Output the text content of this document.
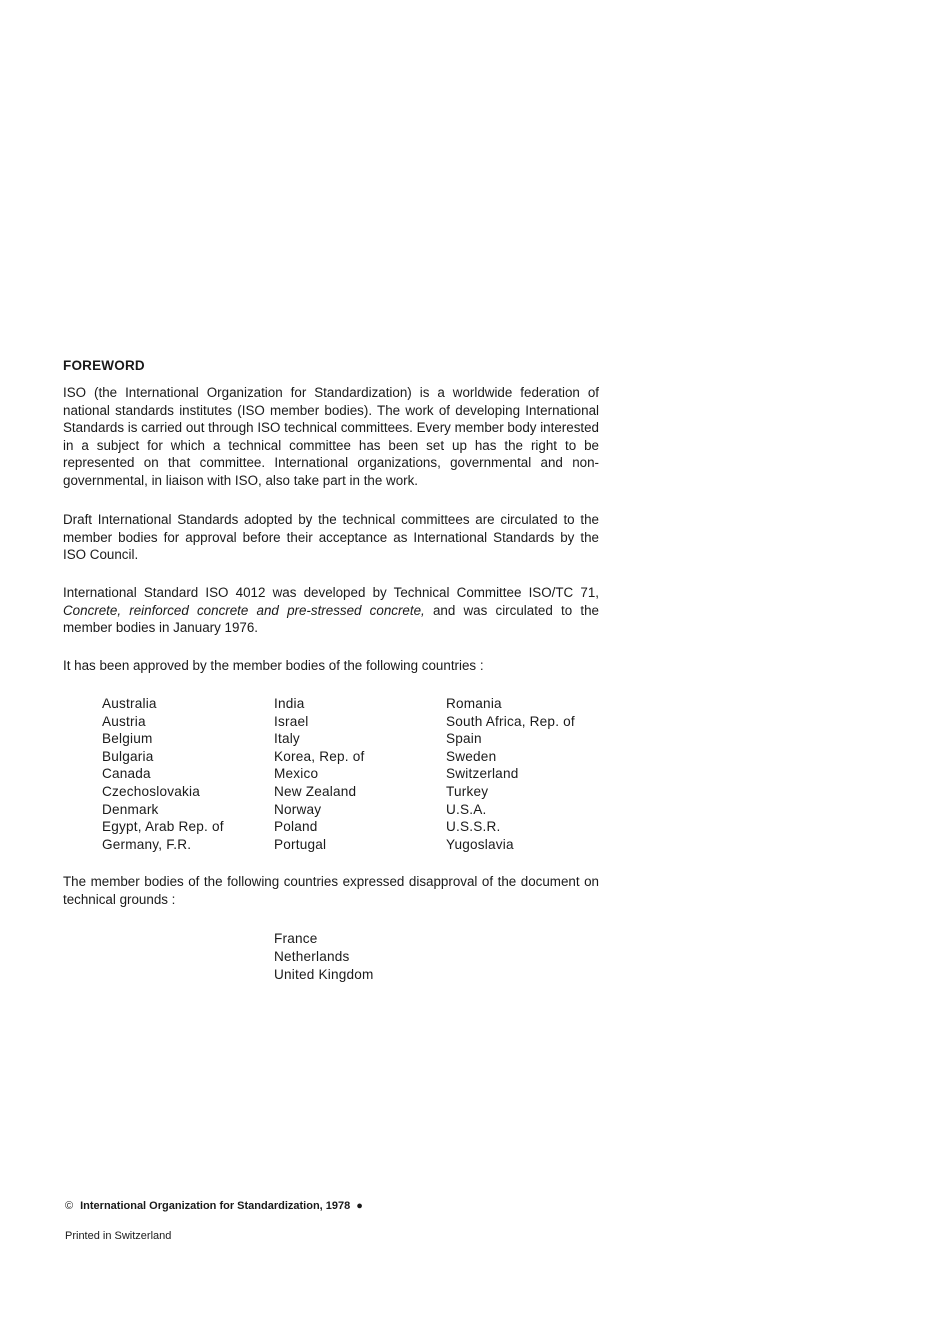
FOREWORD

ISO (the International Organization for Standardization) is a worldwide federation of national standards institutes (ISO member bodies). The work of developing International Standards is carried out through ISO technical committees. Every member body interested in a subject for which a technical committee has been set up has the right to be represented on that committee. International organizations, governmental and non-governmental, in liaison with ISO, also take part in the work.

Draft International Standards adopted by the technical committees are circulated to the member bodies for approval before their acceptance as International Standards by the ISO Council.

International Standard ISO 4012 was developed by Technical Committee ISO/TC 71, Concrete, reinforced concrete and pre-stressed concrete, and was circulated to the member bodies in January 1976.

It has been approved by the member bodies of the following countries :

Australia
Austria
Belgium
Bulgaria
Canada
Czechoslovakia
Denmark
Egypt, Arab Rep. of
Germany, F.R.
India
Israel
Italy
Korea, Rep. of
Mexico
New Zealand
Norway
Poland
Portugal
Romania
South Africa, Rep. of
Spain
Sweden
Switzerland
Turkey
U.S.A.
U.S.S.R.
Yugoslavia

The member bodies of the following countries expressed disapproval of the document on technical grounds :

France
Netherlands
United Kingdom
© International Organization for Standardization, 1978 ●
Printed in Switzerland
